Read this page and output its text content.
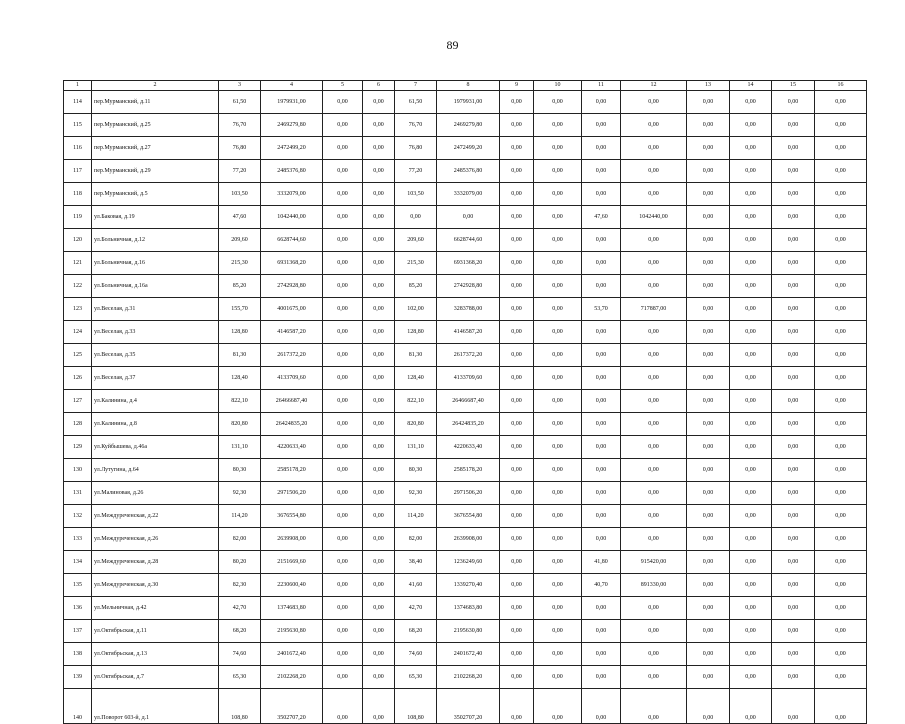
89
1	2	3	4	5	6	7	8	9	10	11	12	13	14	15	16
114	пер.Мурманский, д.11	61,50	1979931,00	0,00	0,00	61,50	1979931,00	0,00	0,00	0,00	0,00	0,00	0,00	0,00	0,00
115	пер.Мурманский, д.25	76,70	2469279,80	0,00	0,00	76,70	2469279,80	0,00	0,00	0,00	0,00	0,00	0,00	0,00	0,00
116	пер.Мурманский, д.27	76,80	2472499,20	0,00	0,00	76,80	2472499,20	0,00	0,00	0,00	0,00	0,00	0,00	0,00	0,00
117	пер.Мурманский, д.29	77,20	2485376,80	0,00	0,00	77,20	2485376,80	0,00	0,00	0,00	0,00	0,00	0,00	0,00	0,00
118	пер.Мурманский, д.5	103,50	3332079,00	0,00	0,00	103,50	3332079,00	0,00	0,00	0,00	0,00	0,00	0,00	0,00	0,00
119	ул.Баковая, д.19	47,60	1042440,00	0,00	0,00	0,00	0,00	0,00	0,00	47,60	1042440,00	0,00	0,00	0,00	0,00
120	ул.Больничная, д.12	209,60	6628744,60	0,00	0,00	209,60	6628744,60	0,00	0,00	0,00	0,00	0,00	0,00	0,00	0,00
121	ул.Больничная, д.16	215,30	6931368,20	0,00	0,00	215,30	6931368,20	0,00	0,00	0,00	0,00	0,00	0,00	0,00	0,00
122	ул.Больничная, д.16а	85,20	2742928,80	0,00	0,00	85,20	2742928,80	0,00	0,00	0,00	0,00	0,00	0,00	0,00	0,00
123	ул.Веселая, д.31	155,70	4001675,00	0,00	0,00	102,00	3283788,00	0,00	0,00	53,70	717887,00	0,00	0,00	0,00	0,00
124	ул.Веселая, д.33	128,80	4146587,20	0,00	0,00	128,80	4146587,20	0,00	0,00	0,00	0,00	0,00	0,00	0,00	0,00
125	ул.Веселая, д.35	81,30	2617372,20	0,00	0,00	81,30	2617372,20	0,00	0,00	0,00	0,00	0,00	0,00	0,00	0,00
126	ул.Веселая, д.37	128,40	4133709,60	0,00	0,00	128,40	4133709,60	0,00	0,00	0,00	0,00	0,00	0,00	0,00	0,00
127	ул.Калинина, д.4	822,10	26466687,40	0,00	0,00	822,10	26466687,40	0,00	0,00	0,00	0,00	0,00	0,00	0,00	0,00
128	ул.Калинина, д.8	820,80	26424835,20	0,00	0,00	820,80	26424835,20	0,00	0,00	0,00	0,00	0,00	0,00	0,00	0,00
129	ул.Куйбышева, д.46а	131,10	4220633,40	0,00	0,00	131,10	4220633,40	0,00	0,00	0,00	0,00	0,00	0,00	0,00	0,00
130	ул.Лутугина, д.64	80,30	2585178,20	0,00	0,00	80,30	2585178,20	0,00	0,00	0,00	0,00	0,00	0,00	0,00	0,00
131	ул.Малиновая, д.26	92,30	2971506,20	0,00	0,00	92,30	2971506,20	0,00	0,00	0,00	0,00	0,00	0,00	0,00	0,00
132	ул.Междуреченская, д.22	114,20	3676554,80	0,00	0,00	114,20	3676554,80	0,00	0,00	0,00	0,00	0,00	0,00	0,00	0,00
133	ул.Междуреченская, д.26	82,00	2639908,00	0,00	0,00	82,00	2639908,00	0,00	0,00	0,00	0,00	0,00	0,00	0,00	0,00
134	ул.Междуреченская, д.28	80,20	2151669,60	0,00	0,00	38,40	1236249,60	0,00	0,00	41,80	915420,00	0,00	0,00	0,00	0,00
135	ул.Междуреченская, д.30	82,30	2230600,40	0,00	0,00	41,60	1339270,40	0,00	0,00	40,70	891330,00	0,00	0,00	0,00	0,00
136	ул.Мельничная, д.42	42,70	1374683,80	0,00	0,00	42,70	1374683,80	0,00	0,00	0,00	0,00	0,00	0,00	0,00	0,00
137	ул.Октябрьская, д.11	68,20	2195630,80	0,00	0,00	68,20	2195630,80	0,00	0,00	0,00	0,00	0,00	0,00	0,00	0,00
138	ул.Октябрьская, д.13	74,60	2401672,40	0,00	0,00	74,60	2401672,40	0,00	0,00	0,00	0,00	0,00	0,00	0,00	0,00
139	ул.Октябрьская, д.7	65,30	2102268,20	0,00	0,00	65,30	2102268,20	0,00	0,00	0,00	0,00	0,00	0,00	0,00	0,00
140	ул.Поворот 603-й, д.1	108,80	3502707,20	0,00	0,00	108,80	3502707,20	0,00	0,00	0,00	0,00	0,00	0,00	0,00	0,00
